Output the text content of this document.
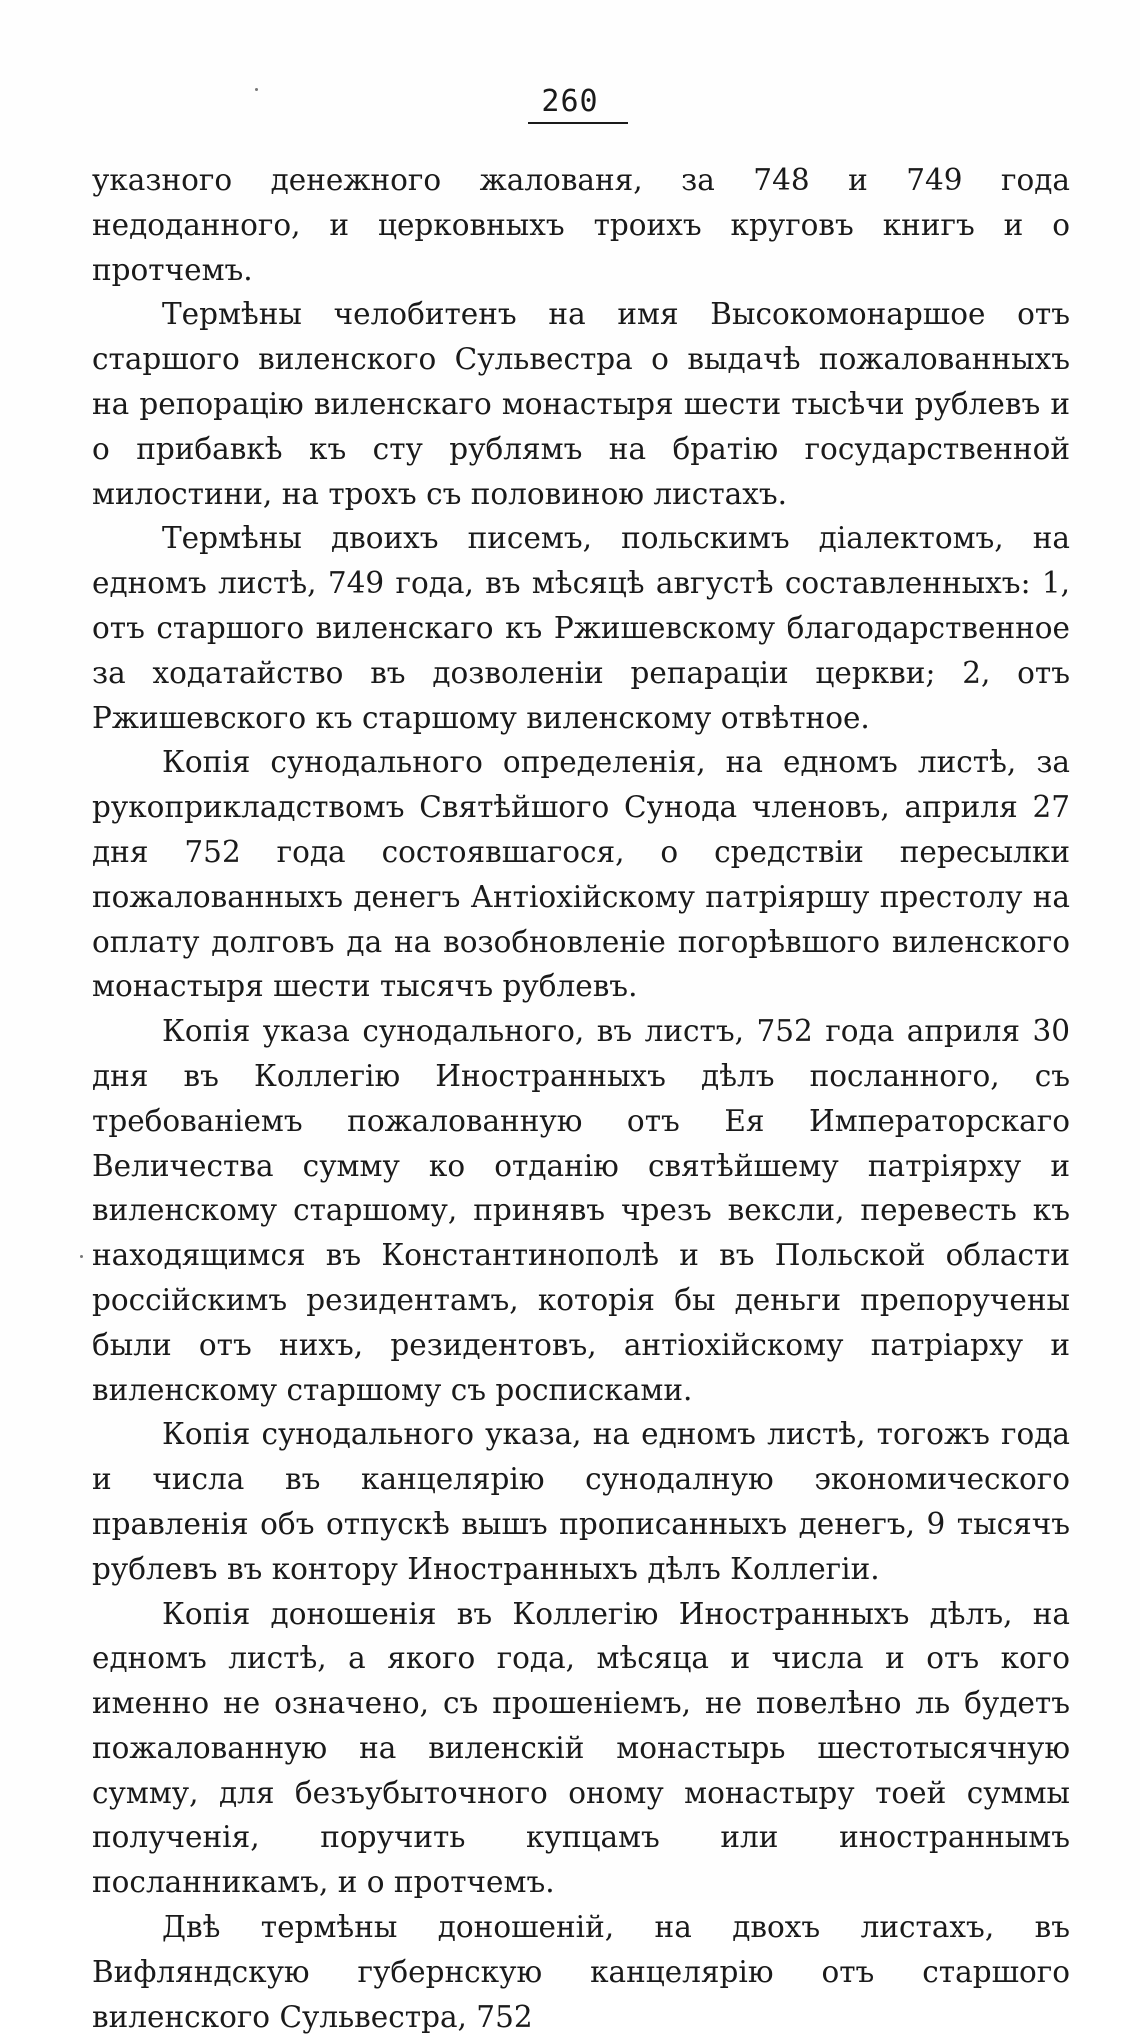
260

указного денежного жалованя, за 748 и 749 года недоданного, и церковныхъ троихъ круговъ книгъ и о протчемъ.

Термѣны челобитенъ на имя Высокомонаршое отъ старшого виленского Сульвестра о выдачѣ пожалованныхъ на репорацію виленскаго монастыря шести тысѣчи рублевъ и о прибавкѣ къ сту рублямъ на братію государственной милостини, на трохъ съ половиною листахъ.

Термѣны двоихъ писемъ, польскимъ діалектомъ, на едномъ листѣ, 749 года, въ мѣсяцѣ августѣ составленныхъ: 1, отъ старшого виленскаго къ Ржишевскому благодарственное за ходатайство въ дозволеніи репараціи церкви; 2, отъ Ржишевского къ старшому виленскому отвѣтное.

Копія сунодального определенія, на едномъ листѣ, за рукоприкладствомъ Святѣйшого Сунода членовъ, априля 27 дня 752 года состоявшагося, о средствіи пересылки пожалованныхъ денегъ Антіохійскому патріяршу престолу на оплату долговъ да на возобновленіе погорѣвшого виленского монастыря шести тысячъ рублевъ.

Копія указа сунодального, въ листъ, 752 года априля 30 дня въ Коллегію Иностранныхъ дѣлъ посланного, съ требованіемъ пожалованную отъ Ея Императорскаго Величества сумму ко отданію святѣйшему патріярху и виленскому старшому, принявъ чрезъ вексли, перевесть къ находящимся въ Константинополѣ и въ Польской области россійскимъ резидентамъ, которія бы деньги препоручены были отъ нихъ, резидентовъ, антіохійскому патріарху и виленскому старшому съ росписками.

Копія сунодального указа, на едномъ листѣ, тогожъ года и числа въ канцелярію сунодалную экономического правленія объ отпускѣ вышъ прописанныхъ денегъ, 9 тысячъ рублевъ въ контору Иностранныхъ дѣлъ Коллегіи.

Копія доношенія въ Коллегію Иностранныхъ дѣлъ, на едномъ листѣ, а якого года, мѣсяца и числа и отъ кого именно не означено, съ прошеніемъ, не повелѣно ль будетъ пожалованную на виленскій монастырь шестотысячную сумму, для безъубыточного оному монастыру тоей суммы полученія, поручить купцамъ или иностраннымъ посланникамъ, и о протчемъ.

Двѣ термѣны доношеній, на двохъ листахъ, въ Вифляндскую губернскую канцелярію отъ старшого виленского Сульвестра, 752
